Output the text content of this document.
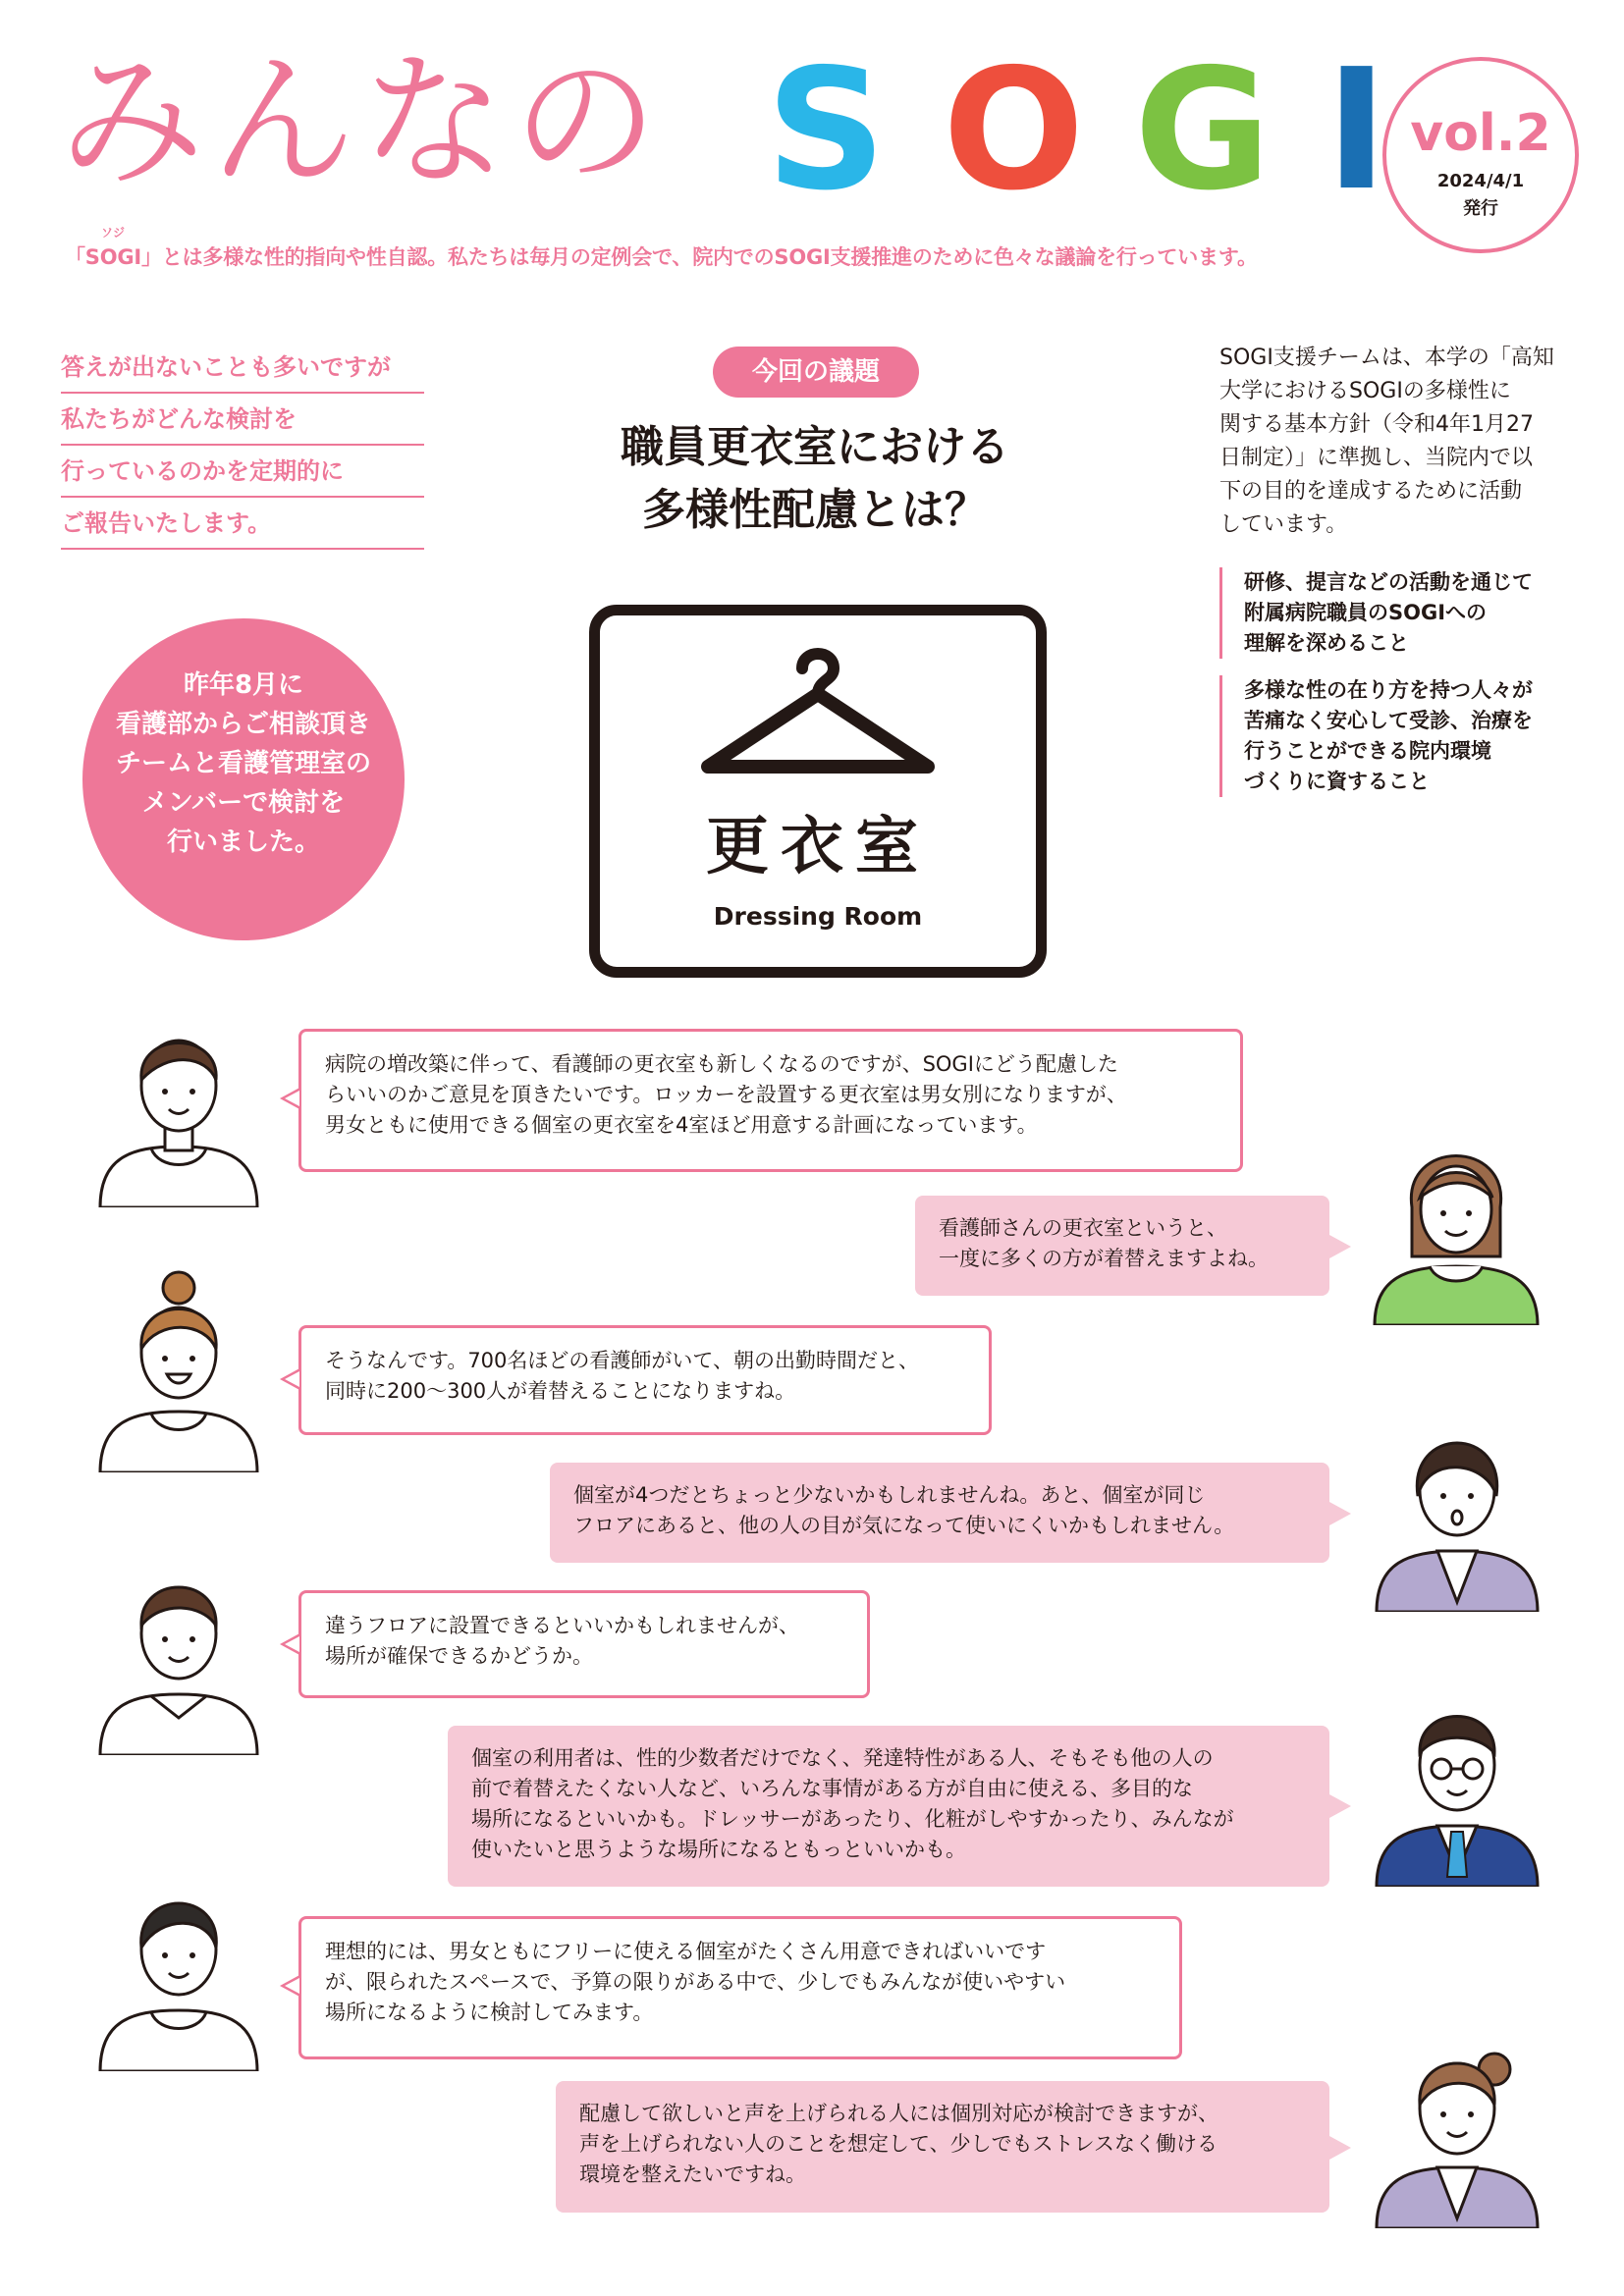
みんなの S O G I vol.2
2024/4/1
発行
ソジ
「SOGI」とは多様な性的指向や性自認。私たちは毎月の定例会で、院内でのSOGI支援推進のために色々な議論を行っています。
答えが出ないことも多いですが
私たちがどんな検討を
行っているのかを定期的に
ご報告いたします。
昨年8月に
看護部からご相談頂き
チームと看護管理室の
メンバーで検討を
行いました。
今回の議題
職員更衣室における
多様性配慮とは？
更衣室
Dressing Room
SOGI支援チームは、本学の「高知
大学におけるSOGIの多様性に
関する基本方針（令和4年1月27
日制定）」に準拠し、当院内で以
下の目的を達成するために活動
しています。
研修、提言などの活動を通じて
附属病院職員のSOGIへの
理解を深めること
多様な性の在り方を持つ人々が
苦痛なく安心して受診、治療を
行うことができる院内環境
づくりに資すること
病院の増改築に伴って、看護師の更衣室も新しくなるのですが、SOGIにどう配慮した
らいいのかご意見を頂きたいです。ロッカーを設置する更衣室は男女別になりますが、
男女ともに使用できる個室の更衣室を4室ほど用意する計画になっています。
看護師さんの更衣室というと、
一度に多くの方が着替えますよね。
そうなんです。700名ほどの看護師がいて、朝の出勤時間だと、
同時に200〜300人が着替えることになりますね。
個室が4つだとちょっと少ないかもしれませんね。あと、個室が同じ
フロアにあると、他の人の目が気になって使いにくいかもしれません。
違うフロアに設置できるといいかもしれませんが、
場所が確保できるかどうか。
個室の利用者は、性的少数者だけでなく、発達特性がある人、そもそも他の人の
前で着替えたくない人など、いろんな事情がある方が自由に使える、多目的な
場所になるといいかも。ドレッサーがあったり、化粧がしやすかったり、みんなが
使いたいと思うような場所になるともっといいかも。
理想的には、男女ともにフリーに使える個室がたくさん用意できればいいです
が、限られたスペースで、予算の限りがある中で、少しでもみんなが使いやすい
場所になるように検討してみます。
配慮して欲しいと声を上げられる人には個別対応が検討できますが、
声を上げられない人のことを想定して、少しでもストレスなく働ける
環境を整えたいですね。
